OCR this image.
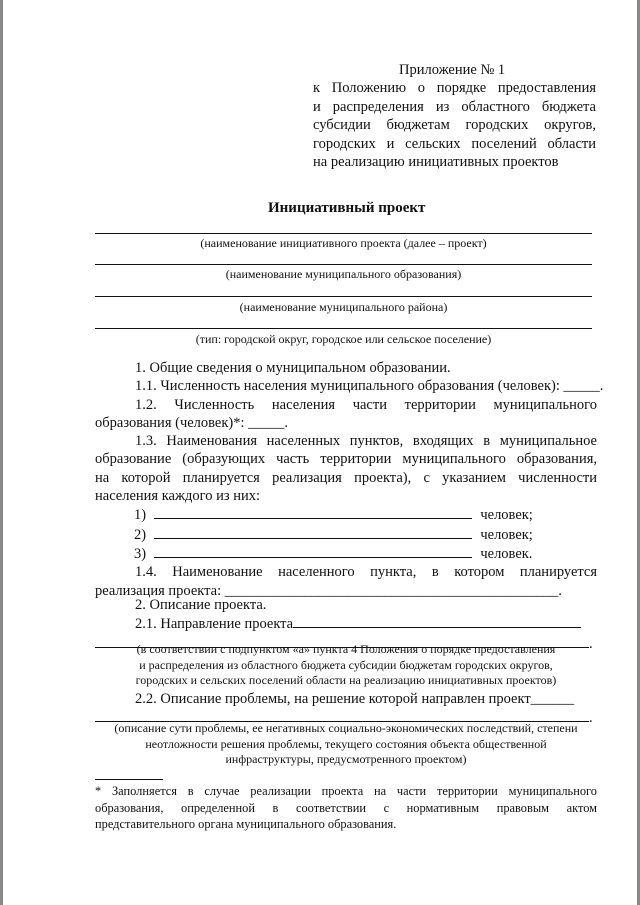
Приложение № 1
к Положению о порядке предоставления
и распределения из областного бюджета
субсидии бюджетам городских округов,
городских и сельских поселений области
на реализацию инициативных проектов
Инициативный проект
(наименование инициативного проекта (далее – проект)
(наименование муниципального образования)
(наименование муниципального района)
(тип: городской округ, городское или сельское поселение)
1. Общие сведения о муниципальном образовании.
1.1. Численность населения муниципального образования (человек): _____.
1.2. Численность населения части территории муниципального
образования (человек)*: _____.
1.3. Наименования населенных пунктов, входящих в муниципальное
образование (образующих часть территории муниципального образования,
на которой планируется реализация проекта), с указанием численности
населения каждого из них:
1)	человек;
2)	человек;
3)	человек.
1.4. Наименование населенного пункта, в котором планируется
реализация проекта: ______________________________________________.
2. Описание проекта.
2.1. Направление проекта
.
(в соответствии с подпунктом «а» пункта 4 Положения о порядке предоставления
и распределения из областного бюджета субсидии бюджетам городских округов,
городских и сельских поселений области на реализацию инициативных проектов)
2.2. Описание проблемы, на решение которой направлен проект______
.
(описание сути проблемы, ее негативных социально-экономических последствий, степени
неотложности решения проблемы, текущего состояния объекта общественной
инфраструктуры, предусмотренного проектом)
* Заполняется в случае реализации проекта на части территории муниципального
образования, определенной в соответствии с нормативным правовым актом
представительного органа муниципального образования.
